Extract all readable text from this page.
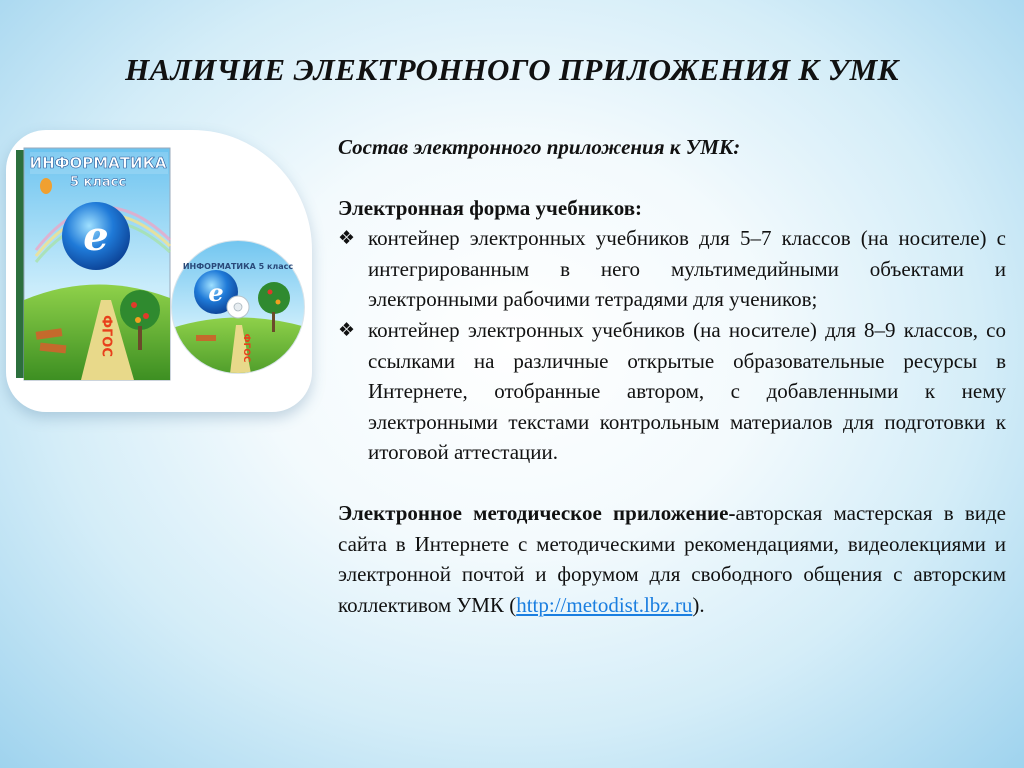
НАЛИЧИЕ ЭЛЕКТРОННОГО ПРИЛОЖЕНИЯ К УМК
e
ИНФОРМАТИКА
5 класс
ФГОС
e
ИНФОРМАТИКА 5 класс
ФГОС

Состав электронного приложения к УМК:

Электронная форма учебников:

❖ контейнер электронных учебников для 5–7 классов (на носителе) с интегрированным в него мультимедийными объектами и электронными рабочими тетрадями для учеников;
❖ контейнер электронных учебников (на носителе) для 8–9 классов, со ссылками на различные открытые образовательные ресурсы в Интернете, отобранные автором, с добавленными к нему электронными текстами контрольным материалов для подготовки к итоговой аттестации.

Электронное методическое приложение-авторская мастерская в виде сайта в Интернете с методическими рекомендациями, видеолекциями и электронной почтой и форумом для свободного общения с авторским коллективом УМК (http://metodist.lbz.ru).
